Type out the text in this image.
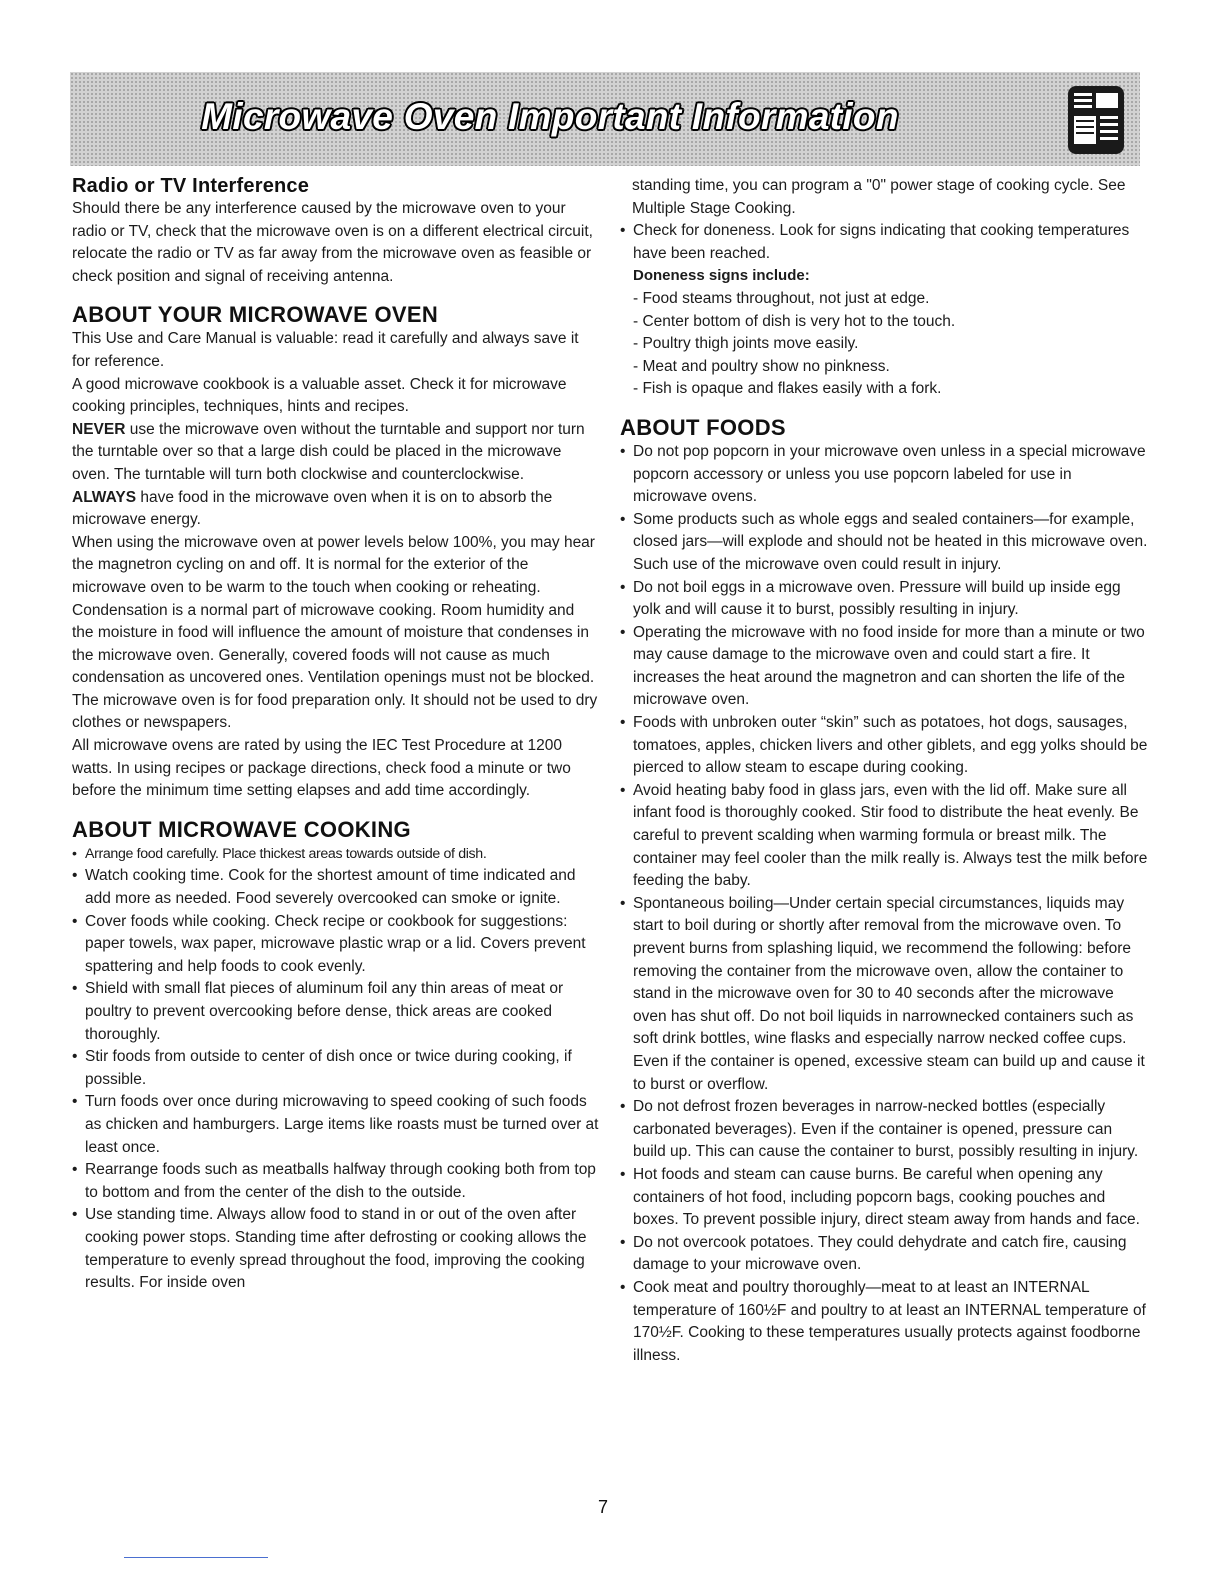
Microwave Oven Important Information
Radio or TV Interference

Should there be any interference caused by the microwave oven to your radio or TV, check that the microwave oven is on a different electrical circuit, relocate the radio or TV as far away from the microwave oven as feasible or check position and signal of receiving antenna.

ABOUT YOUR MICROWAVE OVEN

This Use and Care Manual is valuable: read it carefully and always save it for reference.

A good microwave cookbook is a valuable asset. Check it for microwave cooking principles, techniques, hints and recipes.

NEVER use the microwave oven without the turntable and support nor turn the turntable over so that a large dish could be placed in the microwave oven. The turntable will turn both clockwise and counterclockwise.

ALWAYS have food in the microwave oven when it is on to absorb the microwave energy.

When using the microwave oven at power levels below 100%, you may hear the magnetron cycling on and off. It is normal for the exterior of the microwave oven to be warm to the touch when cooking or reheating.

Condensation is a normal part of microwave cooking. Room humidity and the moisture in food will influence the amount of moisture that condenses in the microwave oven. Generally, covered foods will not cause as much condensation as uncovered ones. Ventilation openings must not be blocked.

The microwave oven is for food preparation only. It should not be used to dry clothes or newspapers.

All microwave ovens are rated by using the IEC Test Procedure at 1200 watts. In using recipes or package directions, check food a minute or two before the minimum time setting elapses and add time accordingly.

ABOUT MICROWAVE COOKING
• Arrange food carefully. Place thickest areas towards outside of dish.
• Watch cooking time. Cook for the shortest amount of time indicated and add more as needed. Food severely overcooked can smoke or ignite.
• Cover foods while cooking. Check recipe or cookbook for suggestions: paper towels, wax paper, microwave plastic wrap or a lid. Covers prevent spattering and help foods to cook evenly.
• Shield with small flat pieces of aluminum foil any thin areas of meat or poultry to prevent overcooking before dense, thick areas are cooked thoroughly.
• Stir foods from outside to center of dish once or twice during cooking, if possible.
• Turn foods over once during microwaving to speed cooking of such foods as chicken and hamburgers. Large items like roasts must be turned over at least once.
• Rearrange foods such as meatballs halfway through cooking both from top to bottom and from the center of the dish to the outside.
• Use standing time. Always allow food to stand in or out of the oven after cooking power stops. Standing time after defrosting or cooking allows the temperature to evenly spread throughout the food, improving the cooking results. For inside oven

standing time, you can program a "0" power stage of cooking cycle. See Multiple Stage Cooking.

• Check for doneness. Look for signs indicating that cooking temperatures have been reached.
Doneness signs include:
- Food steams throughout, not just at edge.
- Center bottom of dish is very hot to the touch.
- Poultry thigh joints move easily.
- Meat and poultry show no pinkness.
- Fish is opaque and flakes easily with a fork.
ABOUT FOODS
• Do not pop popcorn in your microwave oven unless in a special microwave popcorn accessory or unless you use popcorn labeled for use in microwave ovens.
• Some products such as whole eggs and sealed containers—for example, closed jars—will explode and should not be heated in this microwave oven. Such use of the microwave oven could result in injury.
• Do not boil eggs in a microwave oven. Pressure will build up inside egg yolk and will cause it to burst, possibly resulting in injury.
• Operating the microwave with no food inside for more than a minute or two may cause damage to the microwave oven and could start a fire. It increases the heat around the magnetron and can shorten the life of the microwave oven.
• Foods with unbroken outer “skin” such as potatoes, hot dogs, sausages, tomatoes, apples, chicken livers and other giblets, and egg yolks should be pierced to allow steam to escape during cooking.
• Avoid heating baby food in glass jars, even with the lid off. Make sure all infant food is thoroughly cooked. Stir food to distribute the heat evenly. Be careful to prevent scalding when warming formula or breast milk. The container may feel cooler than the milk really is. Always test the milk before feeding the baby.
• Spontaneous boiling—Under certain special circumstances, liquids may start to boil during or shortly after removal from the microwave oven. To prevent burns from splashing liquid, we recommend the following: before removing the container from the microwave oven, allow the container to stand in the microwave oven for 30 to 40 seconds after the microwave oven has shut off. Do not boil liquids in narrownecked containers such as soft drink bottles, wine flasks and especially narrow necked coffee cups. Even if the container is opened, excessive steam can build up and cause it to burst or overflow.
• Do not defrost frozen beverages in narrow-necked bottles (especially carbonated beverages). Even if the container is opened, pressure can build up. This can cause the container to burst, possibly resulting in injury.
• Hot foods and steam can cause burns. Be careful when opening any containers of hot food, including popcorn bags, cooking pouches and boxes. To prevent possible injury, direct steam away from hands and face.
• Do not overcook potatoes. They could dehydrate and catch fire, causing damage to your microwave oven.
• Cook meat and poultry thoroughly—meat to at least an INTERNAL temperature of 160½F and poultry to at least an INTERNAL temperature of 170½F. Cooking to these temperatures usually protects against foodborne illness.
7
